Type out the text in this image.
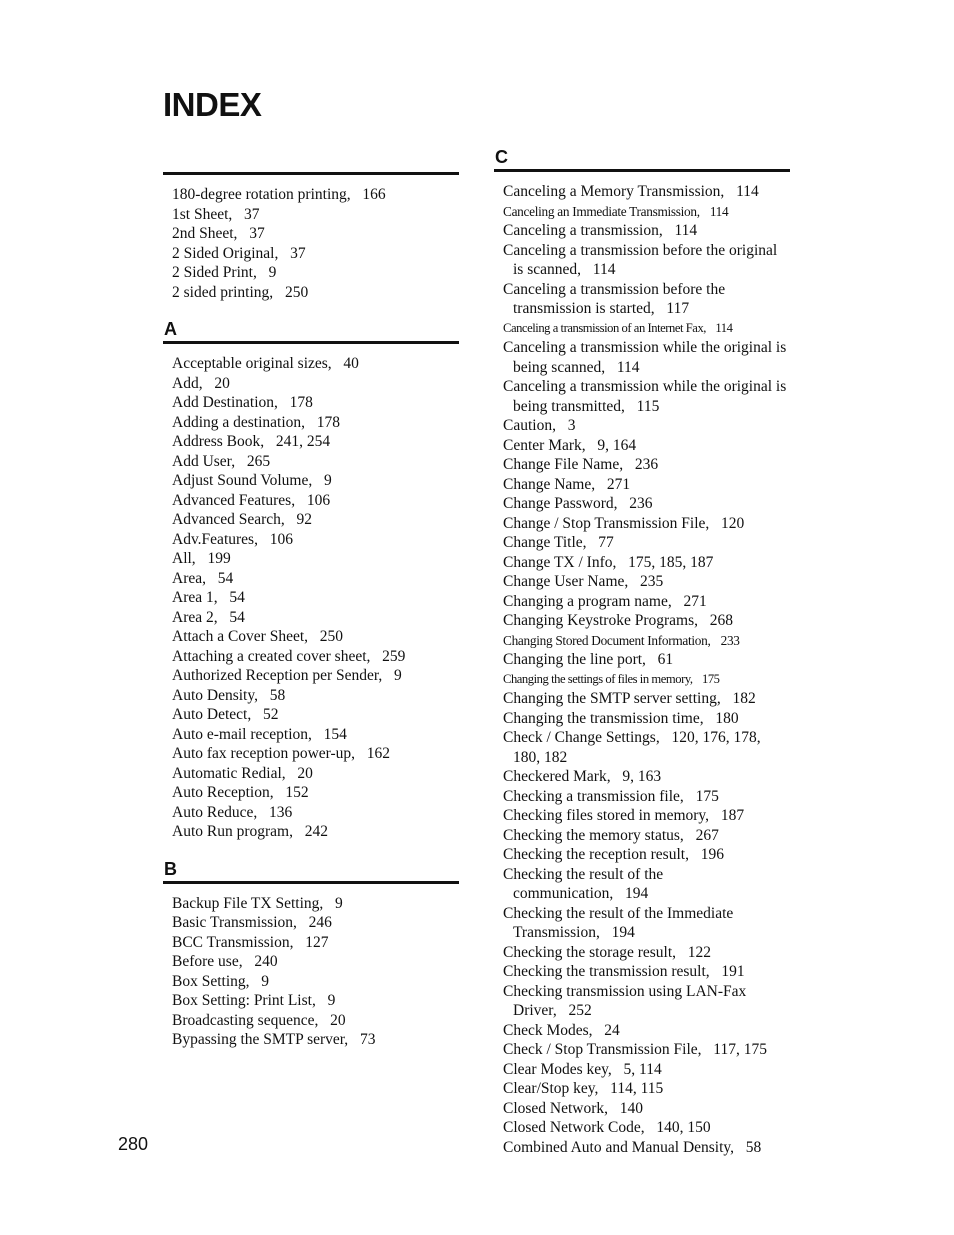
INDEX
180-degree rotation printing, 166
1st Sheet, 37
2nd Sheet, 37
2 Sided Original, 37
2 Sided Print, 9
2 sided printing, 250
A
Acceptable original sizes, 40
Add, 20
Add Destination, 178
Adding a destination, 178
Address Book, 241, 254
Add User, 265
Adjust Sound Volume, 9
Advanced Features, 106
Advanced Search, 92
Adv.Features, 106
All, 199
Area, 54
Area 1, 54
Area 2, 54
Attach a Cover Sheet, 250
Attaching a created cover sheet, 259
Authorized Reception per Sender, 9
Auto Density, 58
Auto Detect, 52
Auto e-mail reception, 154
Auto fax reception power-up, 162
Automatic Redial, 20
Auto Reception, 152
Auto Reduce, 136
Auto Run program, 242
B
Backup File TX Setting, 9
Basic Transmission, 246
BCC Transmission, 127
Before use, 240
Box Setting, 9
Box Setting: Print List, 9
Broadcasting sequence, 20
Bypassing the SMTP server, 73
C
Canceling a Memory Transmission, 114
Canceling an Immediate Transmission, 114
Canceling a transmission, 114
Canceling a transmission before the original is scanned, 114
Canceling a transmission before the transmission is started, 117
Canceling a transmission of an Internet Fax, 114
Canceling a transmission while the original is being scanned, 114
Canceling a transmission while the original is being transmitted, 115
Caution, 3
Center Mark, 9, 164
Change File Name, 236
Change Name, 271
Change Password, 236
Change / Stop Transmission File, 120
Change Title, 77
Change TX / Info, 175, 185, 187
Change User Name, 235
Changing a program name, 271
Changing Keystroke Programs, 268
Changing Stored Document Information, 233
Changing the line port, 61
Changing the settings of files in memory, 175
Changing the SMTP server setting, 182
Changing the transmission time, 180
Check / Change Settings, 120, 176, 178, 180, 182
Checkered Mark, 9, 163
Checking a transmission file, 175
Checking files stored in memory, 187
Checking the memory status, 267
Checking the reception result, 196
Checking the result of the communication, 194
Checking the result of the Immediate Transmission, 194
Checking the storage result, 122
Checking the transmission result, 191
Checking transmission using LAN-Fax Driver, 252
Check Modes, 24
Check / Stop Transmission File, 117, 175
Clear Modes key, 5, 114
Clear/Stop key, 114, 115
Closed Network, 140
Closed Network Code, 140, 150
Combined Auto and Manual Density, 58
280
